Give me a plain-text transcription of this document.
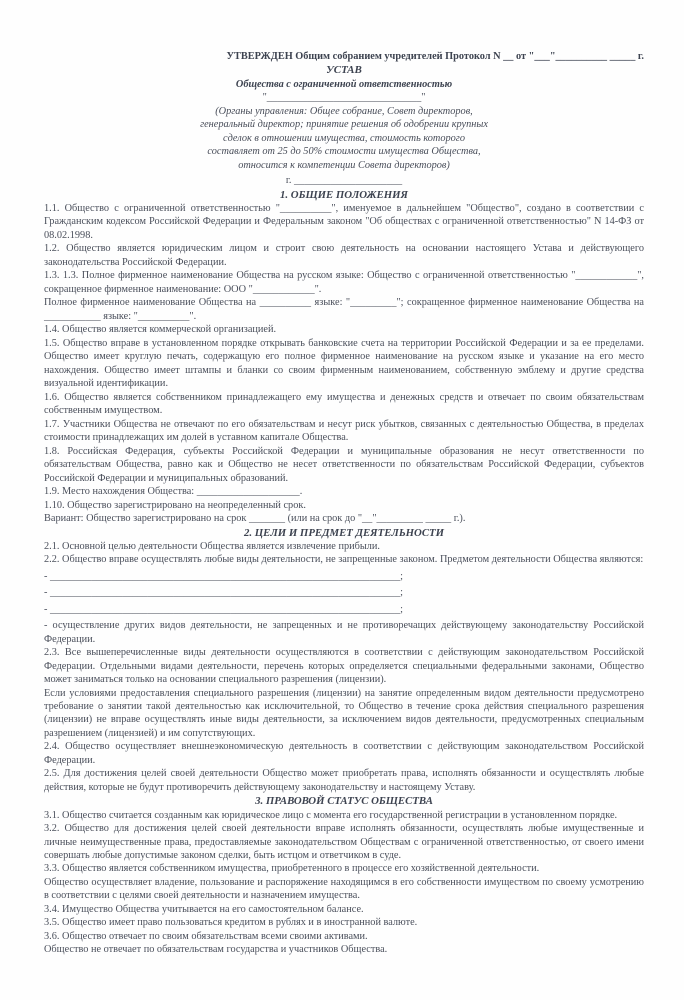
УТВЕРЖДЕН Общим собранием учредителей Протокол N __ от "___"__________ _____ г.
УСТАВ
Общества с ограниченной ответственностью
"______________________________"
(Органы управления: Общее собрание, Совет директоров,
генеральный директор; принятие решения об одобрении крупных
сделок в отношении имущества, стоимость которого
составляет от 25 до 50% стоимости имущества Общества,
относится к компетенции Совета директоров)
г. _____________________
1. ОБЩИЕ ПОЛОЖЕНИЯ

1.1. Общество с ограниченной ответственностью "__________", именуемое в дальнейшем "Общество", создано в соответствии с Гражданским кодексом Российской Федерации и Федеральным законом "Об обществах с ограниченной ответственностью" N 14-ФЗ от 08.02.1998.

1.2. Общество является юридическим лицом и строит свою деятельность на основании настоящего Устава и действующего законодательства Российской Федерации.

1.3. 1.3. Полное фирменное наименование Общества на русском языке: Общество с ограниченной ответственностью "____________", сокращенное фирменное наименование: ООО "____________".

Полное фирменное наименование Общества на __________ языке: "_________"; сокращенное фирменное наименование Общества на ___________ языке: "__________".

1.4. Общество является коммерческой организацией.

1.5. Общество вправе в установленном порядке открывать банковские счета на территории Российской Федерации и за ее пределами. Общество имеет круглую печать, содержащую его полное фирменное наименование на русском языке и указание на его место нахождения. Общество имеет штампы и бланки со своим фирменным наименованием, собственную эмблему и другие средства визуальной идентификации.

1.6. Общество является собственником принадлежащего ему имущества и денежных средств и отвечает по своим обязательствам собственным имуществом.

1.7. Участники Общества не отвечают по его обязательствам и несут риск убытков, связанных с деятельностью Общества, в пределах стоимости принадлежащих им долей в уставном капитале Общества.

1.8. Российская Федерация, субъекты Российской Федерации и муниципальные образования не несут ответственности по обязательствам Общества, равно как и Общество не несет ответственности по обязательствам Российской Федерации, субъектов Российской Федерации и муниципальных образований.

1.9. Место нахождения Общества: ____________________.

1.10. Общество зарегистрировано на неопределенный срок.

Вариант: Общество зарегистрировано на срок _______ (или на срок до "__"_________ _____ г.).

2. ЦЕЛИ И ПРЕДМЕТ ДЕЯТЕЛЬНОСТИ

2.1. Основной целью деятельности Общества является извлечение прибыли.

2.2. Общество вправе осуществлять любые виды деятельности, не запрещенные законом. Предметом деятельности Общества являются:

- ____________________________________________________________________;

- ____________________________________________________________________;

- ____________________________________________________________________;

- осуществление других видов деятельности, не запрещенных и не противоречащих действующему законодательству Российской Федерации.

2.3. Все вышеперечисленные виды деятельности осуществляются в соответствии с действующим законодательством Российской Федерации. Отдельными видами деятельности, перечень которых определяется специальными федеральными законами, Общество может заниматься только на основании специального разрешения (лицензии).

Если условиями предоставления специального разрешения (лицензии) на занятие определенным видом деятельности предусмотрено требование о занятии такой деятельностью как исключительной, то Общество в течение срока действия специального разрешения (лицензии) не вправе осуществлять иные виды деятельности, за исключением видов деятельности, предусмотренных специальным разрешением (лицензией) и им сопутствующих.

2.4. Общество осуществляет внешнеэкономическую деятельность в соответствии с действующим законодательством Российской Федерации.

2.5. Для достижения целей своей деятельности Общество может приобретать права, исполнять обязанности и осуществлять любые действия, которые не будут противоречить действующему законодательству и настоящему Уставу.

3. ПРАВОВОЙ СТАТУС ОБЩЕСТВА

3.1. Общество считается созданным как юридическое лицо с момента его государственной регистрации в установленном порядке.

3.2. Общество для достижения целей своей деятельности вправе исполнять обязанности, осуществлять любые имущественные и личные неимущественные права, предоставляемые законодательством Обществам с ограниченной ответственностью, от своего имени совершать любые допустимые законом сделки, быть истцом и ответчиком в суде.

3.3. Общество является собственником имущества, приобретенного в процессе его хозяйственной деятельности.

Общество осуществляет владение, пользование и распоряжение находящимся в его собственности имуществом по своему усмотрению в соответствии с целями своей деятельности и назначением имущества.

3.4. Имущество Общества учитывается на его самостоятельном балансе.

3.5. Общество имеет право пользоваться кредитом в рублях и в иностранной валюте.

3.6. Общество отвечает по своим обязательствам всеми своими активами.

Общество не отвечает по обязательствам государства и участников Общества.
